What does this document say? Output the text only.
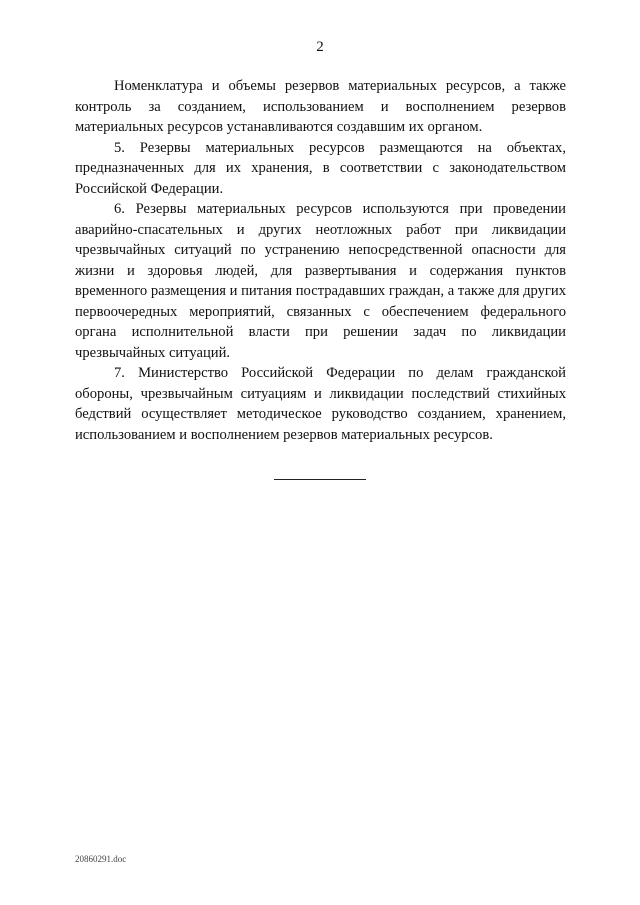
2

Номенклатура и объемы резервов материальных ресурсов, а также контроль за созданием, использованием и восполнением резервов материальных ресурсов устанавливаются создавшим их органом.

5. Резервы материальных ресурсов размещаются на объектах, предназначенных для их хранения, в соответствии с законодательством Российской Федерации.

6. Резервы материальных ресурсов используются при проведении аварийно-спасательных и других неотложных работ при ликвидации чрезвычайных ситуаций по устранению непосредственной опасности для жизни и здоровья людей, для развертывания и содержания пунктов временного размещения и питания пострадавших граждан, а также для других первоочередных мероприятий, связанных с обеспечением федерального органа исполнительной власти при решении задач по ликвидации чрезвычайных ситуаций.

7. Министерство Российской Федерации по делам гражданской обороны, чрезвычайным ситуациям и ликвидации последствий стихийных бедствий осуществляет методическое руководство созданием, хранением, использованием и восполнением резервов материальных ресурсов.

20860291.doc
